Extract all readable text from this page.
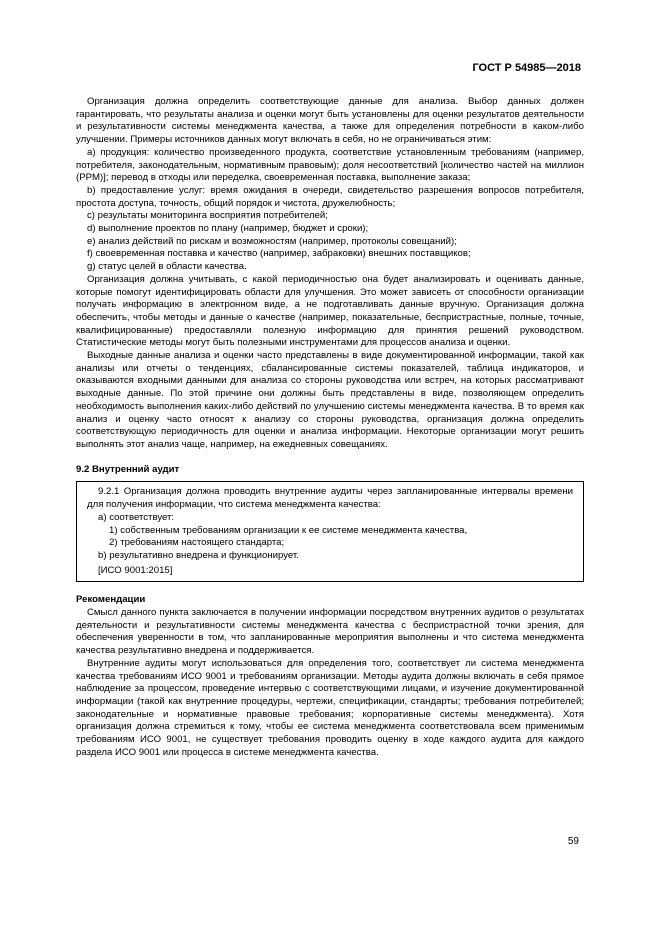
ГОСТ Р 54985—2018

Организация должна определить соответствующие данные для анализа. Выбор данных должен гарантировать, что результаты анализа и оценки могут быть установлены для оценки результатов деятельности и результативности системы менеджмента качества, а также для определения потребности в каком-либо улучшении. Примеры источников данных могут включать в себя, но не ограничиваться этим:

а) продукция: количество произведенного продукта, соответствие установленным требованиям (например, потребителя, законодательным, нормативным правовым); доля несоответствий [количество частей на миллион (PPM)]; перевод в отходы или переделка, своевременная поставка, выполнение заказа;

b) предоставление услуг: время ожидания в очереди, свидетельство разрешения вопросов потребителя, простота доступа, точность, общий порядок и чистота, дружелюбность;

c) результаты мониторинга восприятия потребителей;

d) выполнение проектов по плану (например, бюджет и сроки);

e) анализ действий по рискам и возможностям (например, протоколы совещаний);

f) своевременная поставка и качество (например, забраковки) внешних поставщиков;

g) статус целей в области качества.

Организация должна учитывать, с какой периодичностью она будет анализировать и оценивать данные, которые помогут идентифицировать области для улучшения. Это может зависеть от способности организации получать информацию в электронном виде, а не подготавливать данные вручную. Организация должна обеспечить, чтобы методы и данные о качестве (например, показательные, беспристрастные, полные, точные, квалифицированные) предоставляли полезную информацию для принятия решений руководством. Статистические методы могут быть полезными инструментами для процессов анализа и оценки.

Выходные данные анализа и оценки часто представлены в виде документированной информации, такой как анализы или отчеты о тенденциях, сбалансированные системы показателей, таблица индикаторов, и оказываются входными данными для анализа со стороны руководства или встреч, на которых рассматривают выходные данные. По этой причине они должны быть представлены в виде, позволяющем определить необходимость выполнения каких-либо действий по улучшению системы менеджмента качества. В то время как анализ и оценку часто относят к анализу со стороны руководства, организация должна определить соответствующую периодичность для оценки и анализа информации. Некоторые организации могут решить выполнять этот анализ чаще, например, на ежедневных совещаниях.

9.2 Внутренний аудит

9.2.1 Организация должна проводить внутренние аудиты через запланированные интервалы времени для получения информации, что система менеджмента качества:

a) соответствует:

1) собственным требованиям организации к ее системе менеджмента качества,

2) требованиям настоящего стандарта;

b) результативно внедрена и функционирует.

[ИСО 9001:2015]

Рекомендации

Смысл данного пункта заключается в получении информации посредством внутренних аудитов о результатах деятельности и результативности системы менеджмента качества с беспристрастной точки зрения, для обеспечения уверенности в том, что запланированные мероприятия выполнены и что система менеджмента качества результативно внедрена и поддерживается.

Внутренние аудиты могут использоваться для определения того, соответствует ли система менеджмента качества требованиям ИСО 9001 и требованиям организации. Методы аудита должны включать в себя прямое наблюдение за процессом, проведение интервью с соответствующими лицами, и изучение документированной информации (такой как внутренние процедуры, чертежи, спецификации, стандарты; требования потребителей; законодательные и нормативные правовые требования; корпоративные системы менеджмента). Хотя организация должна стремиться к тому, чтобы ее система менеджмента соответствовала всем применимым требованиям ИСО 9001, не существует требования проводить оценку в ходе каждого аудита для каждого раздела ИСО 9001 или процесса в системе менеджмента качества.

59
